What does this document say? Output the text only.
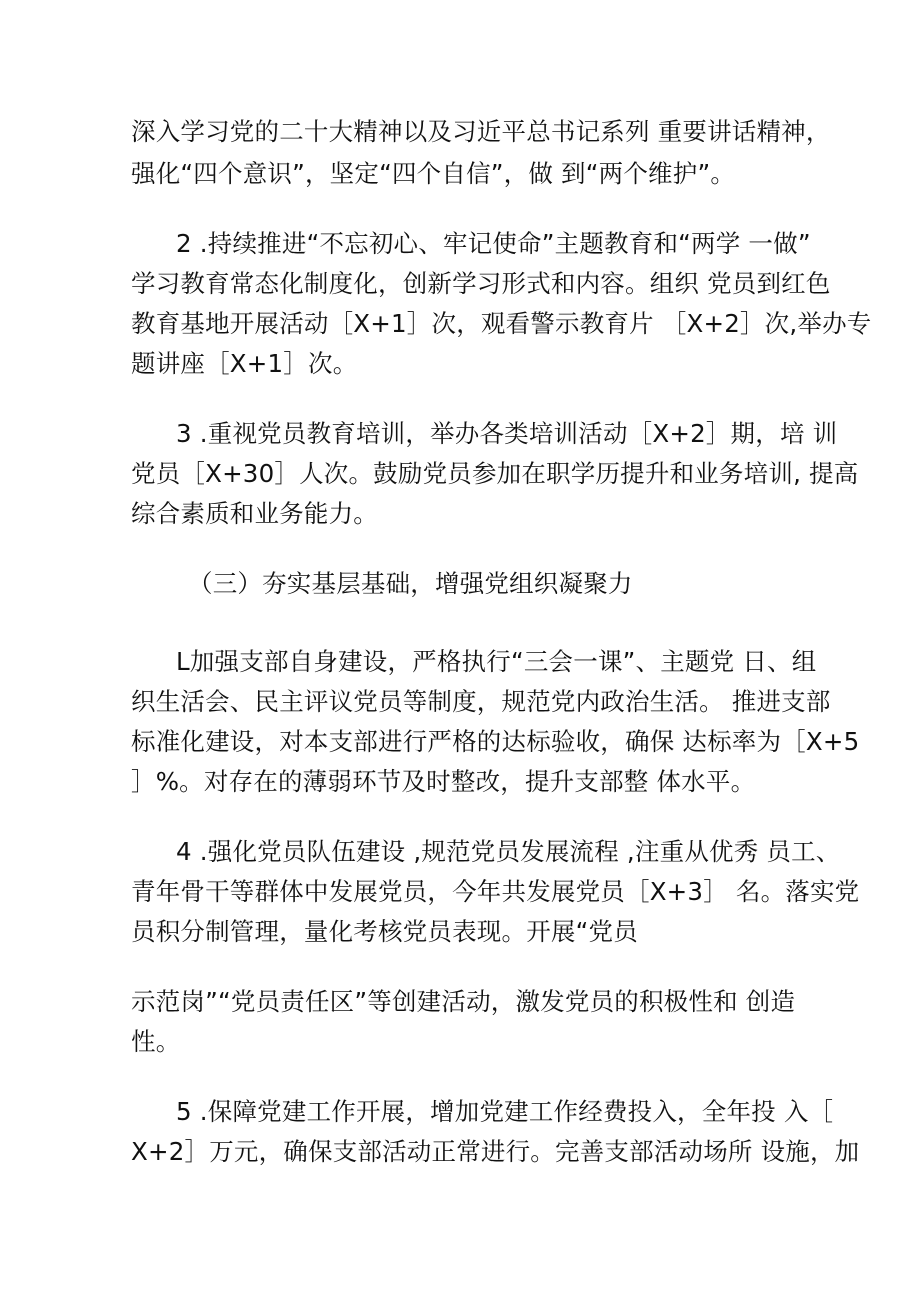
深入学习党的二十大精神以及习近平总书记系列 重要讲话精神，
强化“四个意识”，坚定“四个自信”，做 到“两个维护”。
2 .持续推进“不忘初心、牢记使命”主题教育和“两学 一做”
学习教育常态化制度化，创新学习形式和内容。组织 党员到红色
教育基地开展活动［X+1］次，观看警示教育片 ［X+2］次,举办专
题讲座［X+1］次。
3 .重视党员教育培训，举办各类培训活动［X+2］期，培 训
党员［X+30］人次。鼓励党员参加在职学历提升和业务培训, 提高
综合素质和业务能力。
（三）夯实基层基础，增强党组织凝聚力
L加强支部自身建设，严格执行“三会一课”、主题党 日、组
织生活会、民主评议党员等制度，规范党内政治生活。 推进支部
标准化建设，对本支部进行严格的达标验收，确保 达标率为［X+5
］%。对存在的薄弱环节及时整改，提升支部整 体水平。
4 .强化党员队伍建设 ,规范党员发展流程 ,注重从优秀 员工、
青年骨干等群体中发展党员，今年共发展党员［X+3］ 名。落实党
员积分制管理，量化考核党员表现。开展“党员
示范岗”“党员责任区”等创建活动，激发党员的积极性和 创造
性。
5 .保障党建工作开展，增加党建工作经费投入，全年投 入［
X+2］万元，确保支部活动正常进行。完善支部活动场所 设施，加
